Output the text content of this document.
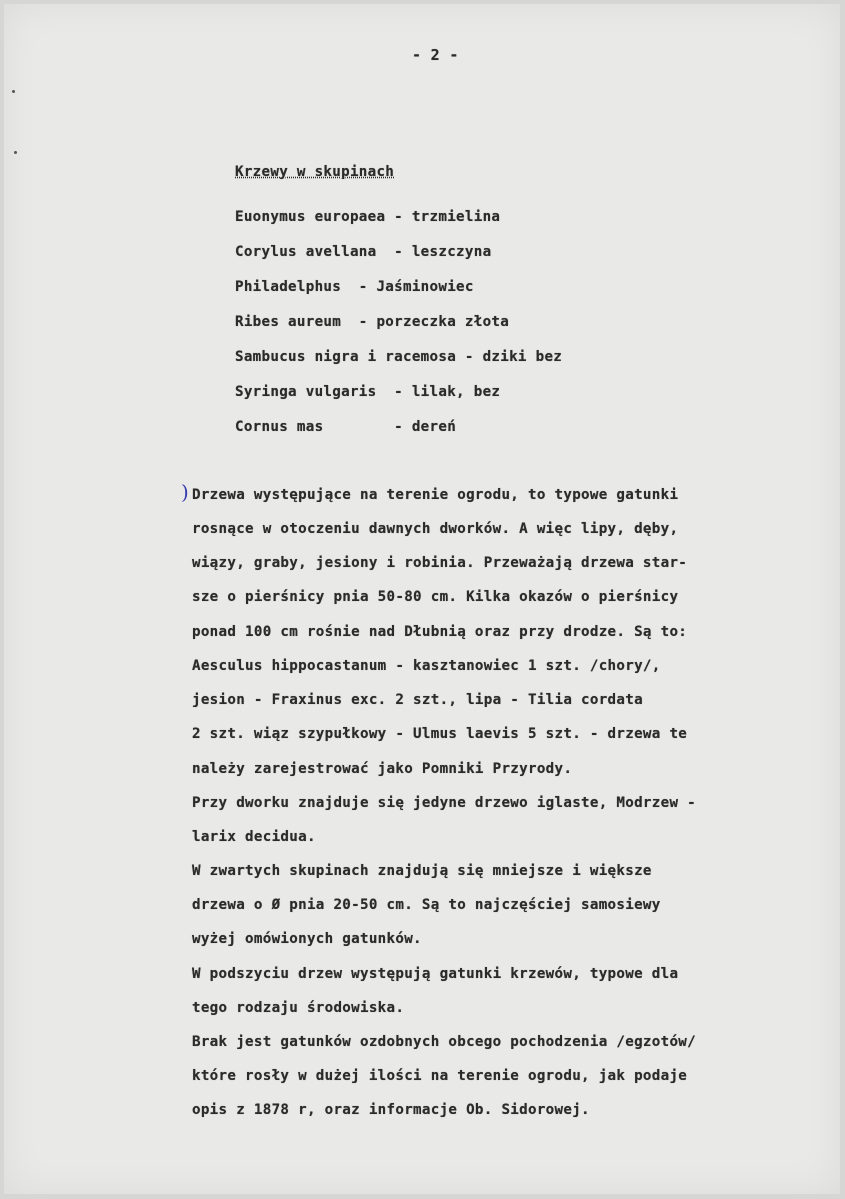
- 2 -
Krzewy w skupinach
Euonymus europaea - trzmielina
Corylus avellana  - leszczyna
Philadelphus  - Jaśminowiec
Ribes aureum  - porzeczka złota
Sambucus nigra i racemosa - dziki bez
Syringa vulgaris  - lilak, bez
Cornus mas        - dereń
Drzewa występujące na terenie ogrodu, to typowe gatunki
rosnące w otoczeniu dawnych dworków. A więc lipy, dęby,
wiązy, graby, jesiony i robinia. Przeważają drzewa star-
sze o pierśnicy pnia 50-80 cm. Kilka okazów o pierśnicy
ponad 100 cm rośnie nad Dłubnią oraz przy drodze. Są to:
Aesculus hippocastanum - kasztanowiec 1 szt. /chory/,
jesion - Fraxinus exc. 2 szt., lipa - Tilia cordata
2 szt. wiąz szypułkowy - Ulmus laevis 5 szt. - drzewa te
należy zarejestrować jako Pomniki Przyrody.
Przy dworku znajduje się jedyne drzewo iglaste, Modrzew -
larix decidua.
W zwartych skupinach znajdują się mniejsze i większe
drzewa o Ø pnia 20-50 cm. Są to najczęściej samosiewy
wyżej omówionych gatunków.
W podszyciu drzew występują gatunki krzewów, typowe dla
tego rodzaju środowiska.
Brak jest gatunków ozdobnych obcego pochodzenia /egzotów/
które rosły w dużej ilości na terenie ogrodu, jak podaje
opis z 1878 r, oraz informacje Ob. Sidorowej.
)
